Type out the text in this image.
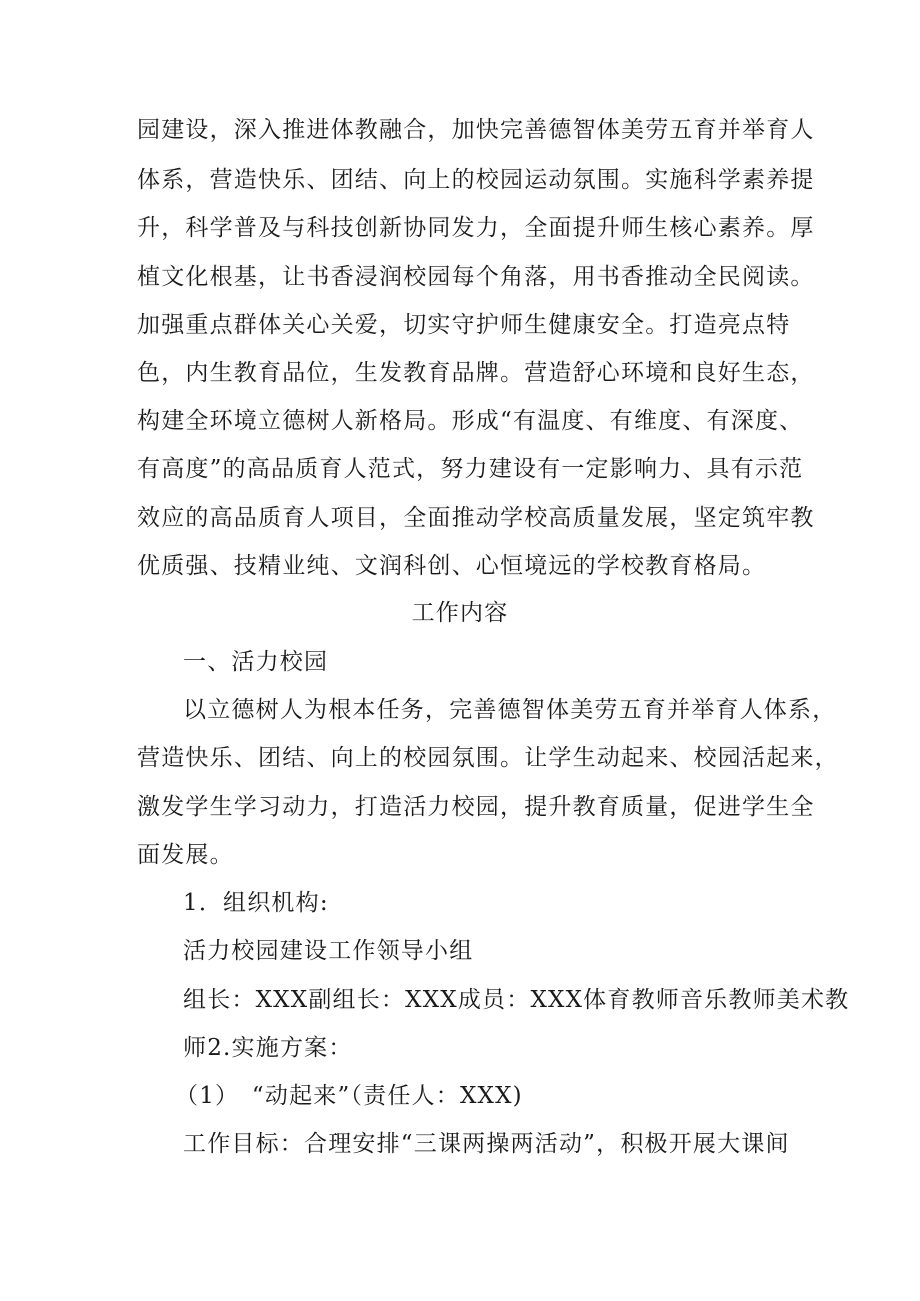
园建设，深入推进体教融合，加快完善德智体美劳五育并举育人
体系，营造快乐、团结、向上的校园运动氛围。实施科学素养提
升，科学普及与科技创新协同发力，全面提升师生核心素养。厚
植文化根基，让书香浸润校园每个角落，用书香推动全民阅读。
加强重点群体关心关爱，切实守护师生健康安全。打造亮点特
色，内生教育品位，生发教育品牌。营造舒心环境和良好生态，
构建全环境立德树人新格局。形成“有温度、有维度、有深度、
有高度”的高品质育人范式，努力建设有一定影响力、具有示范
效应的高品质育人项目，全面推动学校高质量发展，坚定筑牢教
优质强、技精业纯、文润科创、心恒境远的学校教育格局。
工作内容
一、活力校园
以立德树人为根本任务，完善德智体美劳五育并举育人体系，
营造快乐、团结、向上的校园氛围。让学生动起来、校园活起来，
激发学生学习动力，打造活力校园，提升教育质量，促进学生全
面发展。
1．组织机构:
活力校园建设工作领导小组
组长：XXX副组长：XXX成员：XXX体育教师音乐教师美术教
师2.实施方案：
（1）　“动起来”（责任人：XXX)
工作目标：合理安排“三课两操两活动”，积极开展大课间
